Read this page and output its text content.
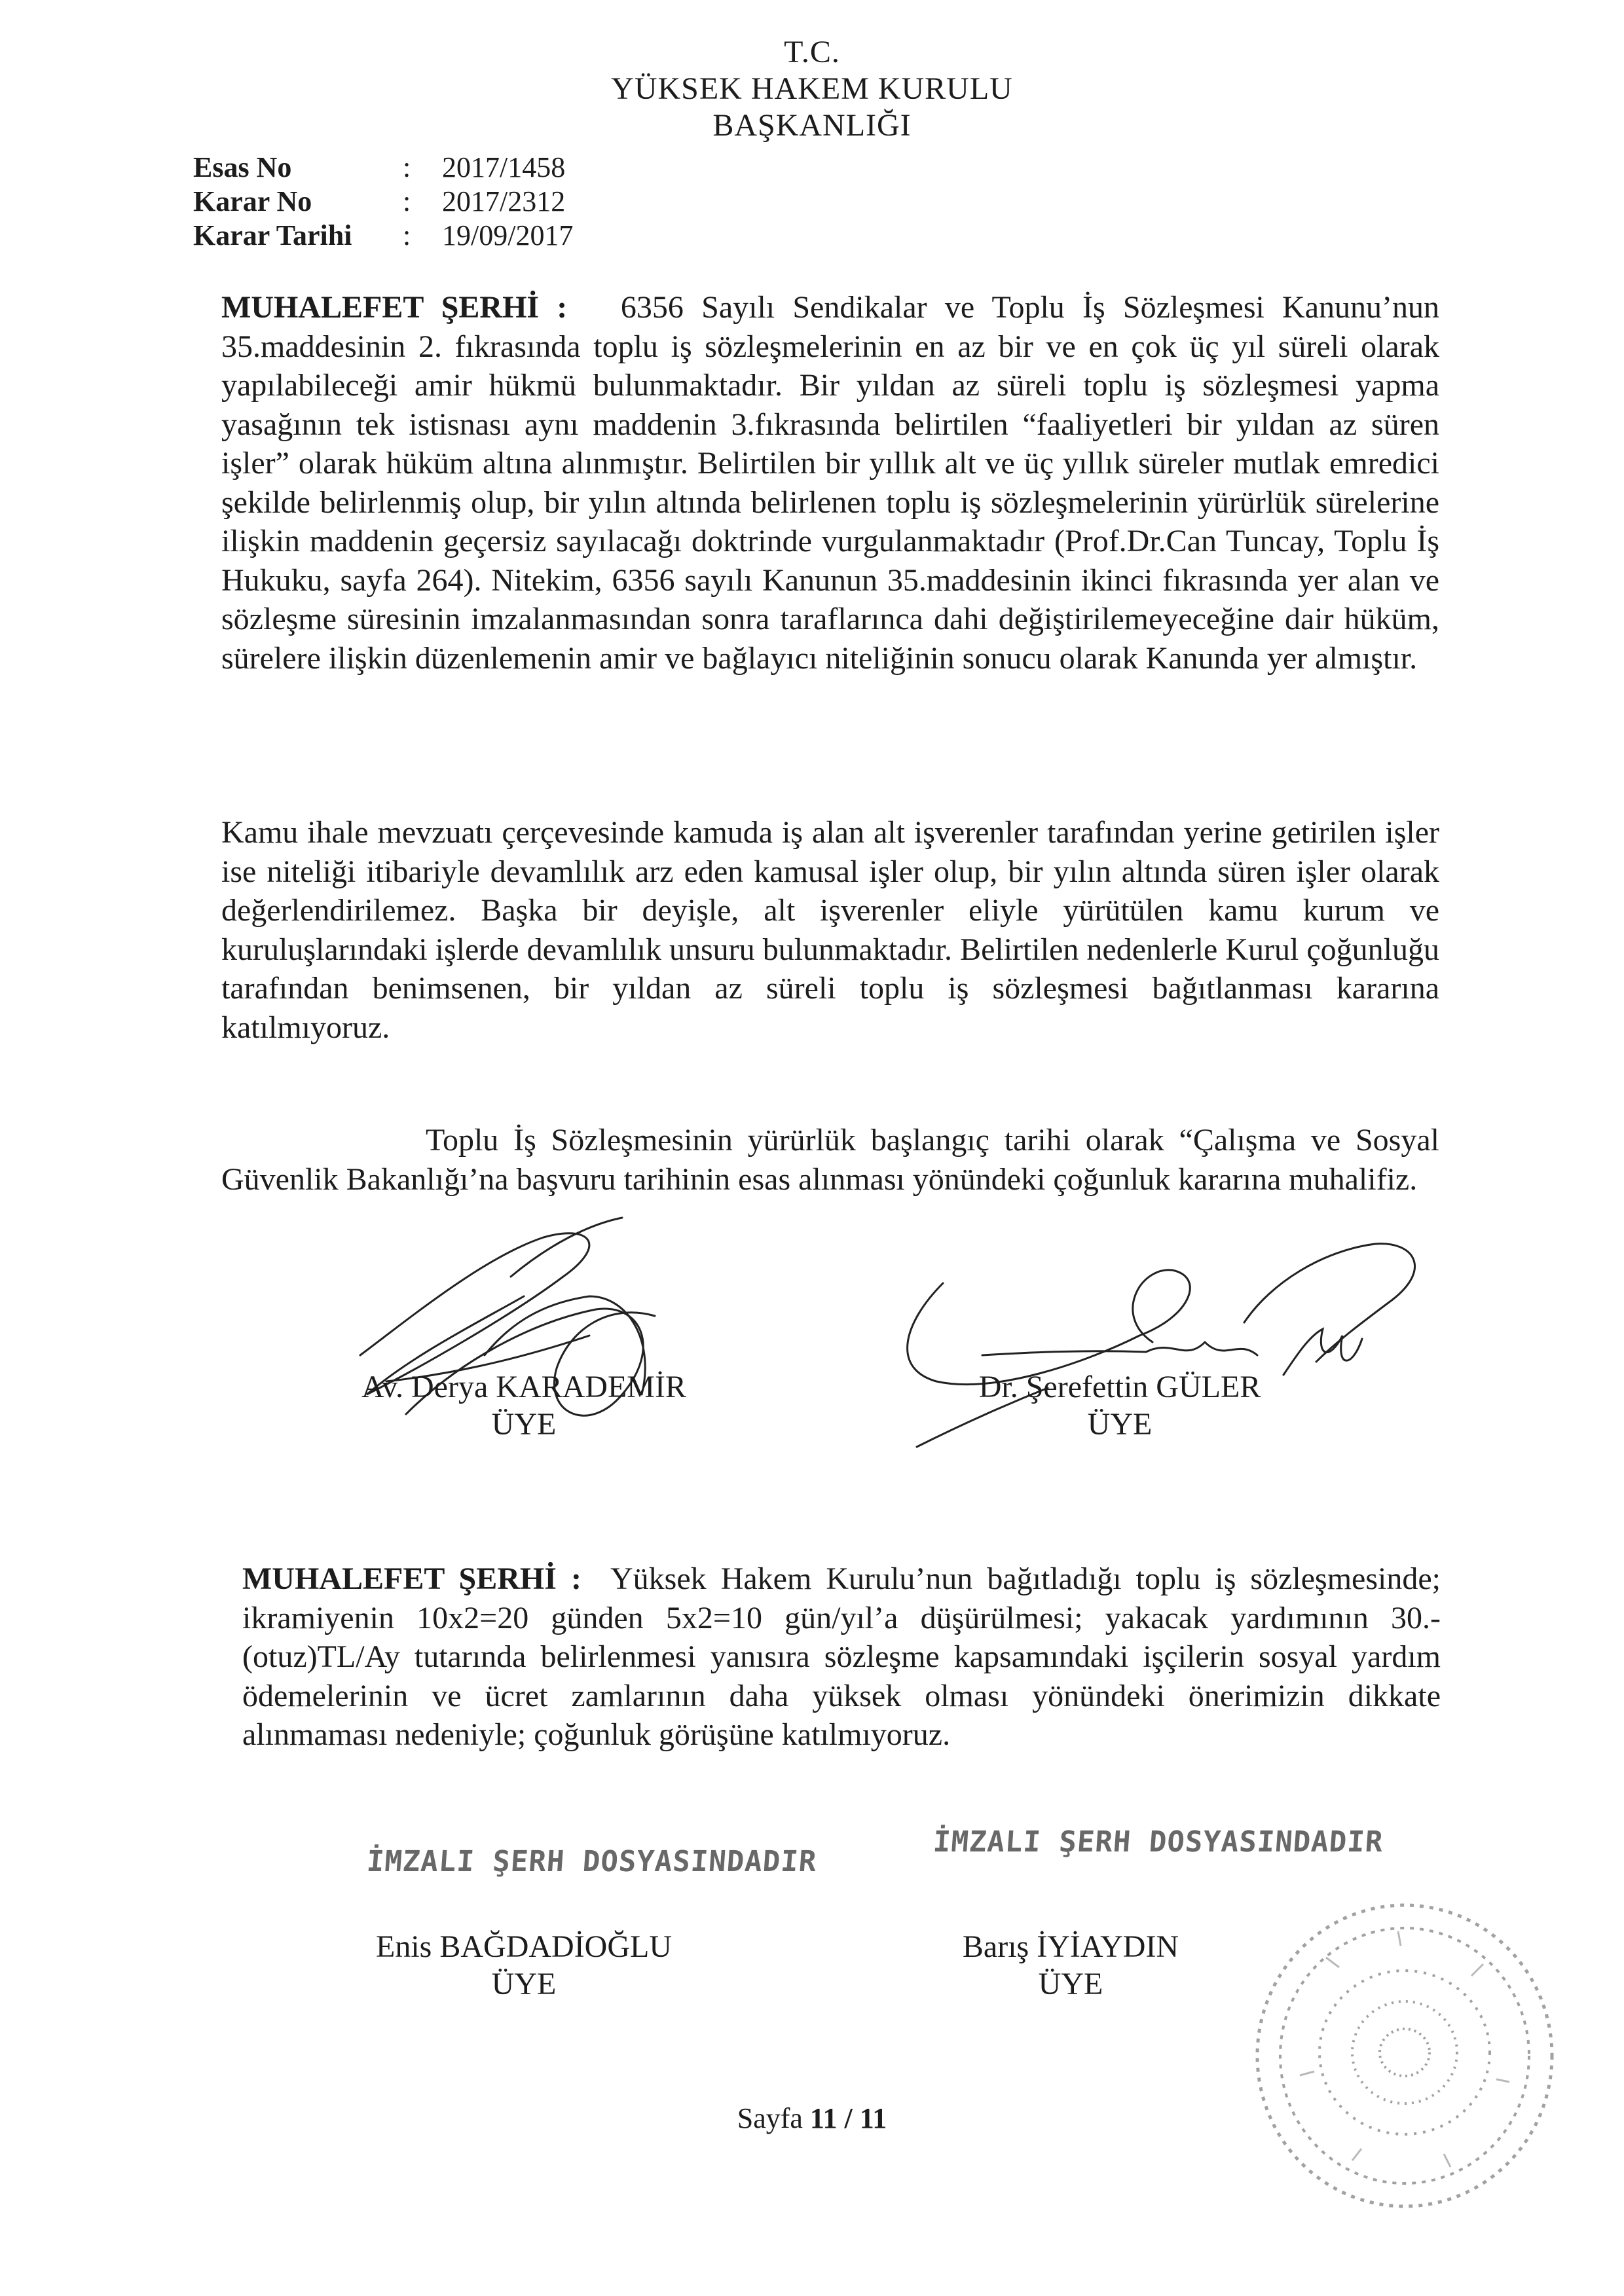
T.C.
YÜKSEK HAKEM KURULU
BAŞKANLIĞI
Esas No	: 2017/1458
Karar No	: 2017/2312
Karar Tarihi : 19/09/2017
MUHALEFET ŞERHİ : 6356 Sayılı Sendikalar ve Toplu İş Sözleşmesi Kanunu’nun 35.maddesinin 2. fıkrasında toplu iş sözleşmelerinin en az bir ve en çok üç yıl süreli olarak yapılabileceği amir hükmü bulunmaktadır. Bir yıldan az süreli toplu iş sözleşmesi yapma yasağının tek istisnası aynı maddenin 3.fıkrasında belirtilen “faaliyetleri bir yıldan az süren işler” olarak hüküm altına alınmıştır. Belirtilen bir yıllık alt ve üç yıllık süreler mutlak emredici şekilde belirlenmiş olup, bir yılın altında belirlenen toplu iş sözleşmelerinin yürürlük sürelerine ilişkin maddenin geçersiz sayılacağı doktrinde vurgulanmaktadır (Prof.Dr.Can Tuncay, Toplu İş Hukuku, sayfa 264). Nitekim, 6356 sayılı Kanunun 35.maddesinin ikinci fıkrasında yer alan ve sözleşme süresinin imzalanmasından sonra taraflarınca dahi değiştirilemeyeceğine dair hüküm, sürelere ilişkin düzenlemenin amir ve bağlayıcı niteliğinin sonucu olarak Kanunda yer almıştır.
Kamu ihale mevzuatı çerçevesinde kamuda iş alan alt işverenler tarafından yerine getirilen işler ise niteliği itibariyle devamlılık arz eden kamusal işler olup, bir yılın altında süren işler olarak değerlendirilemez. Başka bir deyişle, alt işverenler eliyle yürütülen kamu kurum ve kuruluşlarındaki işlerde devamlılık unsuru bulunmaktadır. Belirtilen nedenlerle Kurul çoğunluğu tarafından benimsenen, bir yıldan az süreli toplu iş sözleşmesi bağıtlanması kararına katılmıyoruz.
Toplu İş Sözleşmesinin yürürlük başlangıç tarihi olarak “Çalışma ve Sosyal Güvenlik Bakanlığı’na başvuru tarihinin esas alınması yönündeki çoğunluk kararına muhalifiz.
Av. Derya KARADEMİR
ÜYE
Dr. Şerefettin GÜLER
ÜYE
MUHALEFET ŞERHİ : Yüksek Hakem Kurulu’nun bağıtladığı toplu iş sözleşmesinde; ikramiyenin 10x2=20 günden 5x2=10 gün/yıl’a düşürülmesi; yakacak yardımının 30.-(otuz)TL/Ay tutarında belirlenmesi yanısıra sözleşme kapsamındaki işçilerin sosyal yardım ödemelerinin ve ücret zamlarının daha yüksek olması yönündeki önerimizin dikkate alınmaması nedeniyle; çoğunluk görüşüne katılmıyoruz.
İMZALI ŞERH DOSYASINDADIR
İMZALI ŞERH DOSYASINDADIR
Enis BAĞDADİOĞLU
ÜYE
Barış İYİAYDIN
ÜYE
Sayfa 11 / 11
